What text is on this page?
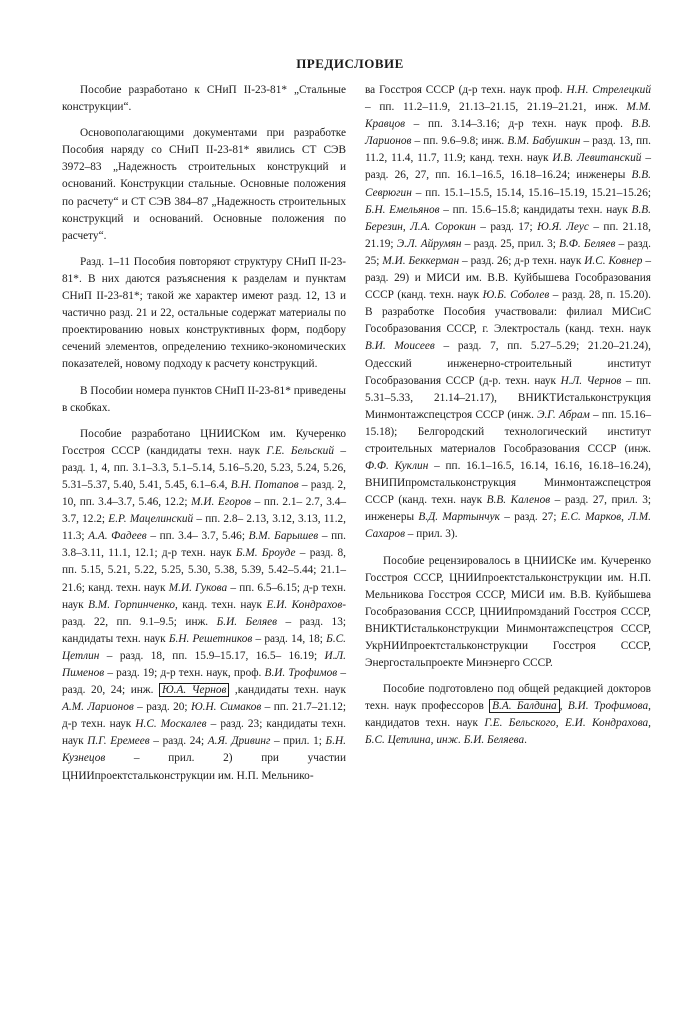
ПРЕДИСЛОВИЕ

Пособие разработано к СНиП II-23-81* „Стальные конструкции“.

Основополагающими документами при разработке Пособия наряду со СНиП II-23-81* явились СТ СЭВ 3972–83 „Надежность строительных конструкций и оснований. Конструкции стальные. Основные положения по расчету“ и СТ СЭВ 384–87 „Надежность строительных конструкций и оснований. Основные положения по расчету“.

Разд. 1–11 Пособия повторяют структуру СНиП II-23-81*. В них даются разъяснения к разделам и пунктам СНиП II-23-81*; такой же характер имеют разд. 12, 13 и частично разд. 21 и 22, остальные содержат материалы по проектированию новых конструктивных форм, подбору сечений элементов, определению технико-экономических показателей, новому подходу к расчету конструкций.

В Пособии номера пунктов СНиП II-23-81* приведены в скобках.

Пособие разработано ЦНИИСКом им. Кучеренко Госстроя СССР (кандидаты техн. наук Г.Е. Бельский – разд. 1, 4, пп. 3.1–3.3, 5.1–5.14, 5.16–5.20, 5.23, 5.24, 5.26, 5.31–5.37, 5.40, 5.41, 5.45, 6.1–6.4, В.Н. Потапов – разд. 2, 10, пп. 3.4–3.7, 5.46, 12.2; М.И. Егоров – пп. 2.1– 2.7, 3.4–3.7, 12.2; Е.Р. Мацелинский – пп. 2.8– 2.13, 3.12, 3.13, 11.2, 11.3; А.А. Фадеев – пп. 3.4– 3.7, 5.46; В.М. Барышев – пп. 3.8–3.11, 11.1, 12.1; д-р техн. наук Б.М. Броуде – разд. 8, пп. 5.15, 5.21, 5.22, 5.25, 5.30, 5.38, 5.39, 5.42–5.44; 21.1–21.6; канд. техн. наук М.И. Гукова – пп. 6.5–6.15; д-р техн. наук В.М. Горпинченко, канд. техн. наук Е.И. Кондрахов-разд. 22, пп. 9.1–9.5; инж. Б.И. Беляев – разд. 13; кандидаты техн. наук Б.Н. Решетников – разд. 14, 18; Б.С. Цетлин – разд. 18, пп. 15.9–15.17, 16.5– 16.19; И.Л. Пименов – разд. 19; д-р техн. наук, проф. В.И. Трофимов – разд. 20, 24; инж. Ю.А. Чернов ,кандидаты техн. наук А.М. Ларионов – разд. 20; Ю.Н. Симаков – пп. 21.7–21.12; д-р техн. наук Н.С. Москалев – разд. 23; кандидаты техн. наук П.Г. Еремеев – разд. 24; А.Я. Дривинг – прил. 1; Б.Н. Кузнецов – прил. 2) при участии ЦНИИпроектстальконструкции им. Н.П. Мельнико-

ва Госстроя СССР (д-р техн. наук проф. Н.Н. Стрелецкий – пп. 11.2–11.9, 21.13–21.15, 21.19–21.21, инж. М.М. Кравцов – пп. 3.14–3.16; д-р техн. наук проф. В.В. Ларионов – пп. 9.6–9.8; инж. В.М. Бабушкин – разд. 13, пп. 11.2, 11.4, 11.7, 11.9; канд. техн. наук И.В. Левитанский – разд. 26, 27, пп. 16.1–16.5, 16.18–16.24; инженеры В.В. Севрюгин – пп. 15.1–15.5, 15.14, 15.16–15.19, 15.21–15.26; Б.Н. Емельянов – пп. 15.6–15.8; кандидаты техн. наук В.В. Березин, Л.А. Сорокин – разд. 17; Ю.Я. Леус – пп. 21.18, 21.19; Э.Л. Айрумян – разд. 25, прил. 3; В.Ф. Беляев – разд. 25; М.И. Беккерман – разд. 26; д-р техн. наук И.С. Ковнер – разд. 29) и МИСИ им. В.В. Куйбышева Гособразования СССР (канд. техн. наук Ю.Б. Соболев – разд. 28, п. 15.20). В разработке Пособия участвовали: филиал МИСиС Гособразования СССР, г. Электросталь (канд. техн. наук В.И. Моисеев – разд. 7, пп. 5.27–5.29; 21.20–21.24), Одесский инженерно-строительный институт Гособразования СССР (д-р. техн. наук Н.Л. Чернов – пп. 5.31–5.33, 21.14–21.17), ВНИКТИстальконструкция Минмонтажспецстроя СССР (инж. Э.Г. Абрам – пп. 15.16–15.18); Белгородский технологический институт строительных материалов Гособразования СССР (инж. Ф.Ф. Куклин – пп. 16.1–16.5, 16.14, 16.16, 16.18–16.24), ВНИПИпромстальконструкция Минмонтажспецстроя СССР (канд. техн. наук В.В. Каленов – разд. 27, прил. 3; инженеры В.Д. Мартынчук – разд. 27; Е.С. Марков, Л.М. Сахаров – прил. 3).

Пособие рецензировалось в ЦНИИСКе им. Кучеренко Госстроя СССР, ЦНИИпроектстальконструкции им. Н.П. Мельникова Госстроя СССР, МИСИ им. В.В. Куйбышева Гособразования СССР, ЦНИИпромзданий Госстроя СССР, ВНИКТИстальконструкции Минмонтажспецстроя СССР, УкрНИИпроектстальконструкции Госстроя СССР, Энергостальпроекте Минэнерго СССР.

Пособие подготовлено под общей редакцией докторов техн. наук профессоров В.А. Балдина , В.И. Трофимова, кандидатов техн. наук Г.Е. Бельского, Е.И. Кондрахова, Б.С. Цетлина, инж. Б.И. Беляева.
